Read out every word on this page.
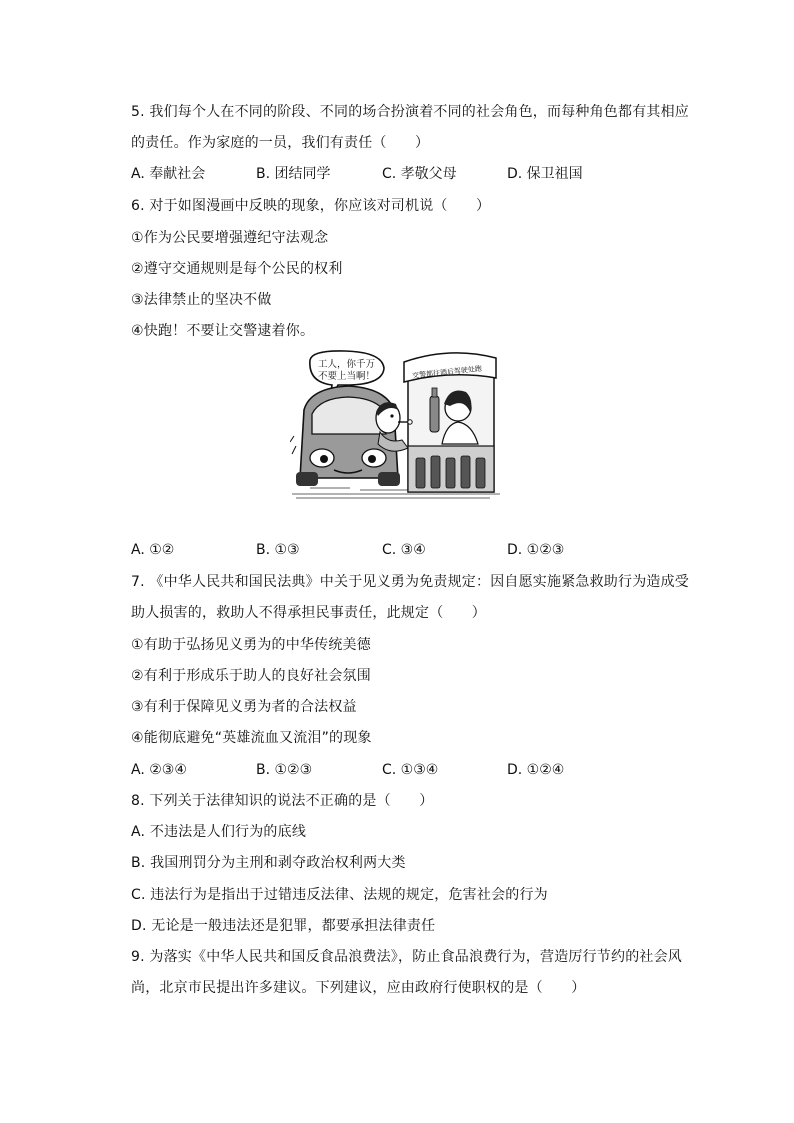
5. 我们每个人在不同的阶段、不同的场合扮演着不同的社会角色，而每种角色都有其相应
的责任。作为家庭的一员，我们有责任（　　）
A. 奉献社会	B. 团结同学	C. 孝敬父母	D. 保卫祖国
6. 对于如图漫画中反映的现象，你应该对司机说（　　）
①作为公民要增强遵纪守法观念
②遵守交通规则是每个公民的权利
③法律禁止的坚决不做
④快跑！不要让交警逮着你。
工人，你千万
不要上当啊！	交警都往酒后驾驶处跑
A. ①②	B. ①③	C. ③④	D. ①②③
7. 《中华人民共和国民法典》中关于见义勇为免责规定：因自愿实施紧急救助行为造成受
助人损害的，救助人不得承担民事责任，此规定（　　）
①有助于弘扬见义勇为的中华传统美德
②有利于形成乐于助人的良好社会氛围
③有利于保障见义勇为者的合法权益
④能彻底避免“英雄流血又流泪”的现象
A. ②③④	B. ①②③	C. ①③④	D. ①②④
8. 下列关于法律知识的说法不正确的是（　　）
A. 不违法是人们行为的底线
B. 我国刑罚分为主刑和剥夺政治权利两大类
C. 违法行为是指出于过错违反法律、法规的规定，危害社会的行为
D. 无论是一般违法还是犯罪，都要承担法律责任
9. 为落实《中华人民共和国反食品浪费法》，防止食品浪费行为，营造厉行节约的社会风
尚，北京市民提出许多建议。下列建议，应由政府行使职权的是（　　）
